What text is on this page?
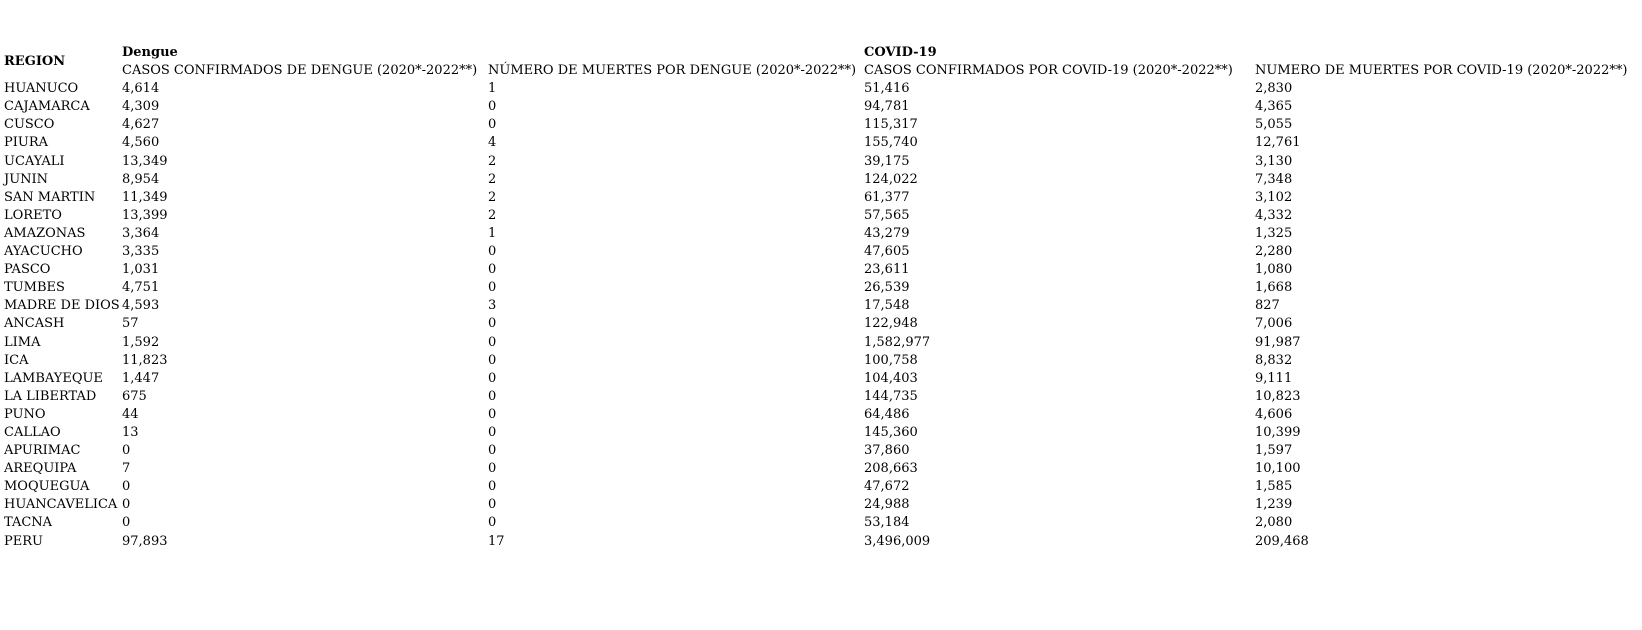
REGION	Dengue		COVID-19	
	CASOS CONFIRMADOS DE DENGUE (2020*-2022**)	NÚMERO DE MUERTES POR DENGUE (2020*-2022**)	CASOS CONFIRMADOS POR COVID-19 (2020*-2022**)	NUMERO DE MUERTES POR COVID-19 (2020*-2022**)
HUANUCO	4,614	1	51,416	2,830
CAJAMARCA	4,309	0	94,781	4,365
CUSCO	4,627	0	115,317	5,055
PIURA	4,560	4	155,740	12,761
UCAYALI	13,349	2	39,175	3,130
JUNIN	8,954	2	124,022	7,348
SAN MARTIN	11,349	2	61,377	3,102
LORETO	13,399	2	57,565	4,332
AMAZONAS	3,364	1	43,279	1,325
AYACUCHO	3,335	0	47,605	2,280
PASCO	1,031	0	23,611	1,080
TUMBES	4,751	0	26,539	1,668
MADRE DE DIOS	4,593	3	17,548	827
ANCASH	57	0	122,948	7,006
LIMA	1,592	0	1,582,977	91,987
ICA	11,823	0	100,758	8,832
LAMBAYEQUE	1,447	0	104,403	9,111
LA LIBERTAD	675	0	144,735	10,823
PUNO	44	0	64,486	4,606
CALLAO	13	0	145,360	10,399
APURIMAC	0	0	37,860	1,597
AREQUIPA	7	0	208,663	10,100
MOQUEGUA	0	0	47,672	1,585
HUANCAVELICA	0	0	24,988	1,239
TACNA	0	0	53,184	2,080
PERU	97,893	17	3,496,009	209,468
